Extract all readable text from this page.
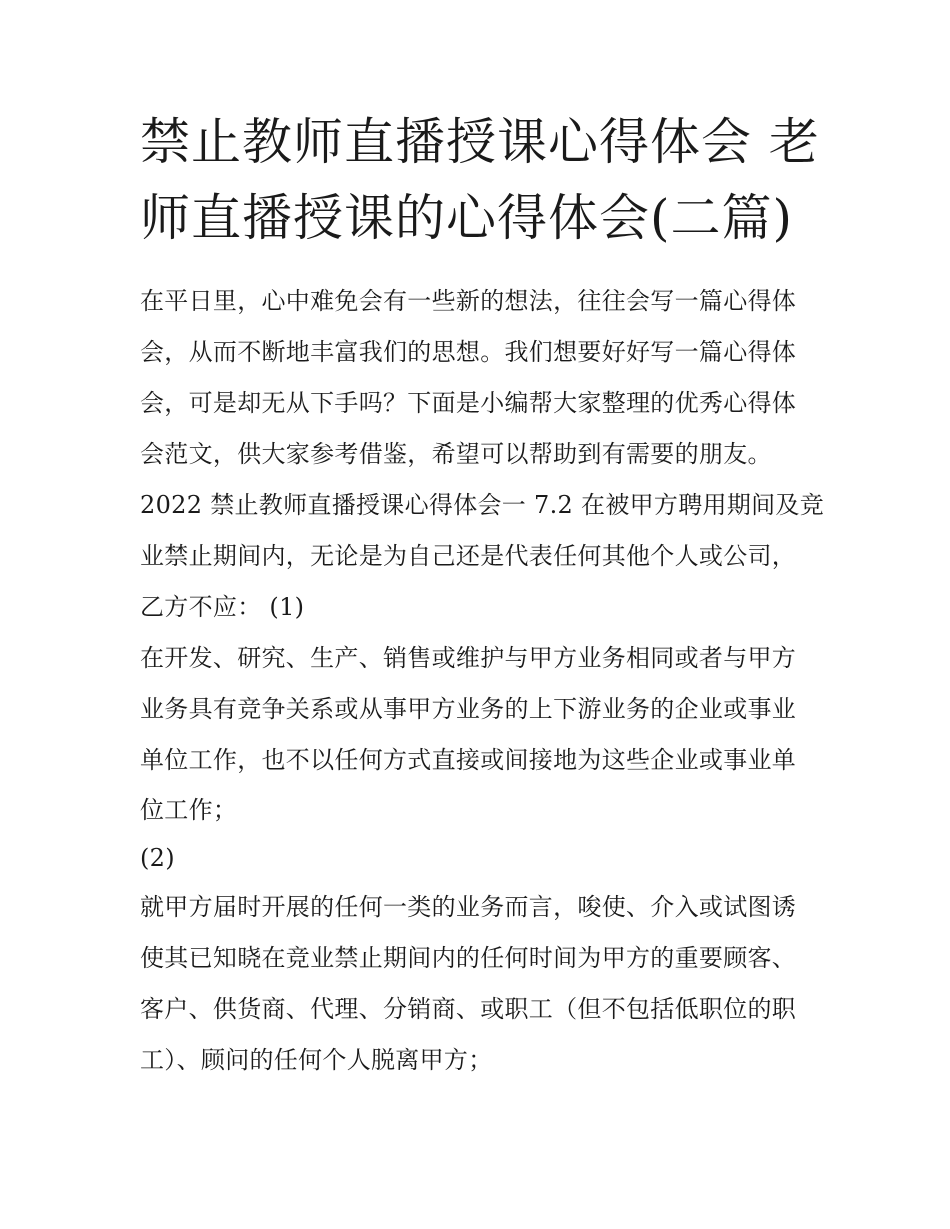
禁止教师直播授课心得体会 老
师直播授课的心得体会(二篇)
在平日里，心中难免会有一些新的想法，往往会写一篇心得体
会，从而不断地丰富我们的思想。我们想要好好写一篇心得体
会，可是却无从下手吗？下面是小编帮大家整理的优秀心得体
会范文，供大家参考借鉴，希望可以帮助到有需要的朋友。
2022 禁止教师直播授课心得体会一 7.2 在被甲方聘用期间及竞
业禁止期间内，无论是为自己还是代表任何其他个人或公司，
乙方不应： (1)
在开发、研究、生产、销售或维护与甲方业务相同或者与甲方
业务具有竞争关系或从事甲方业务的上下游业务的企业或事业
单位工作，也不以任何方式直接或间接地为这些企业或事业单
位工作；
(2)
就甲方届时开展的任何一类的业务而言，唆使、介入或试图诱
使其已知晓在竞业禁止期间内的任何时间为甲方的重要顾客、
客户、供货商、代理、分销商、或职工（但不包括低职位的职
工）、顾问的任何个人脱离甲方；
